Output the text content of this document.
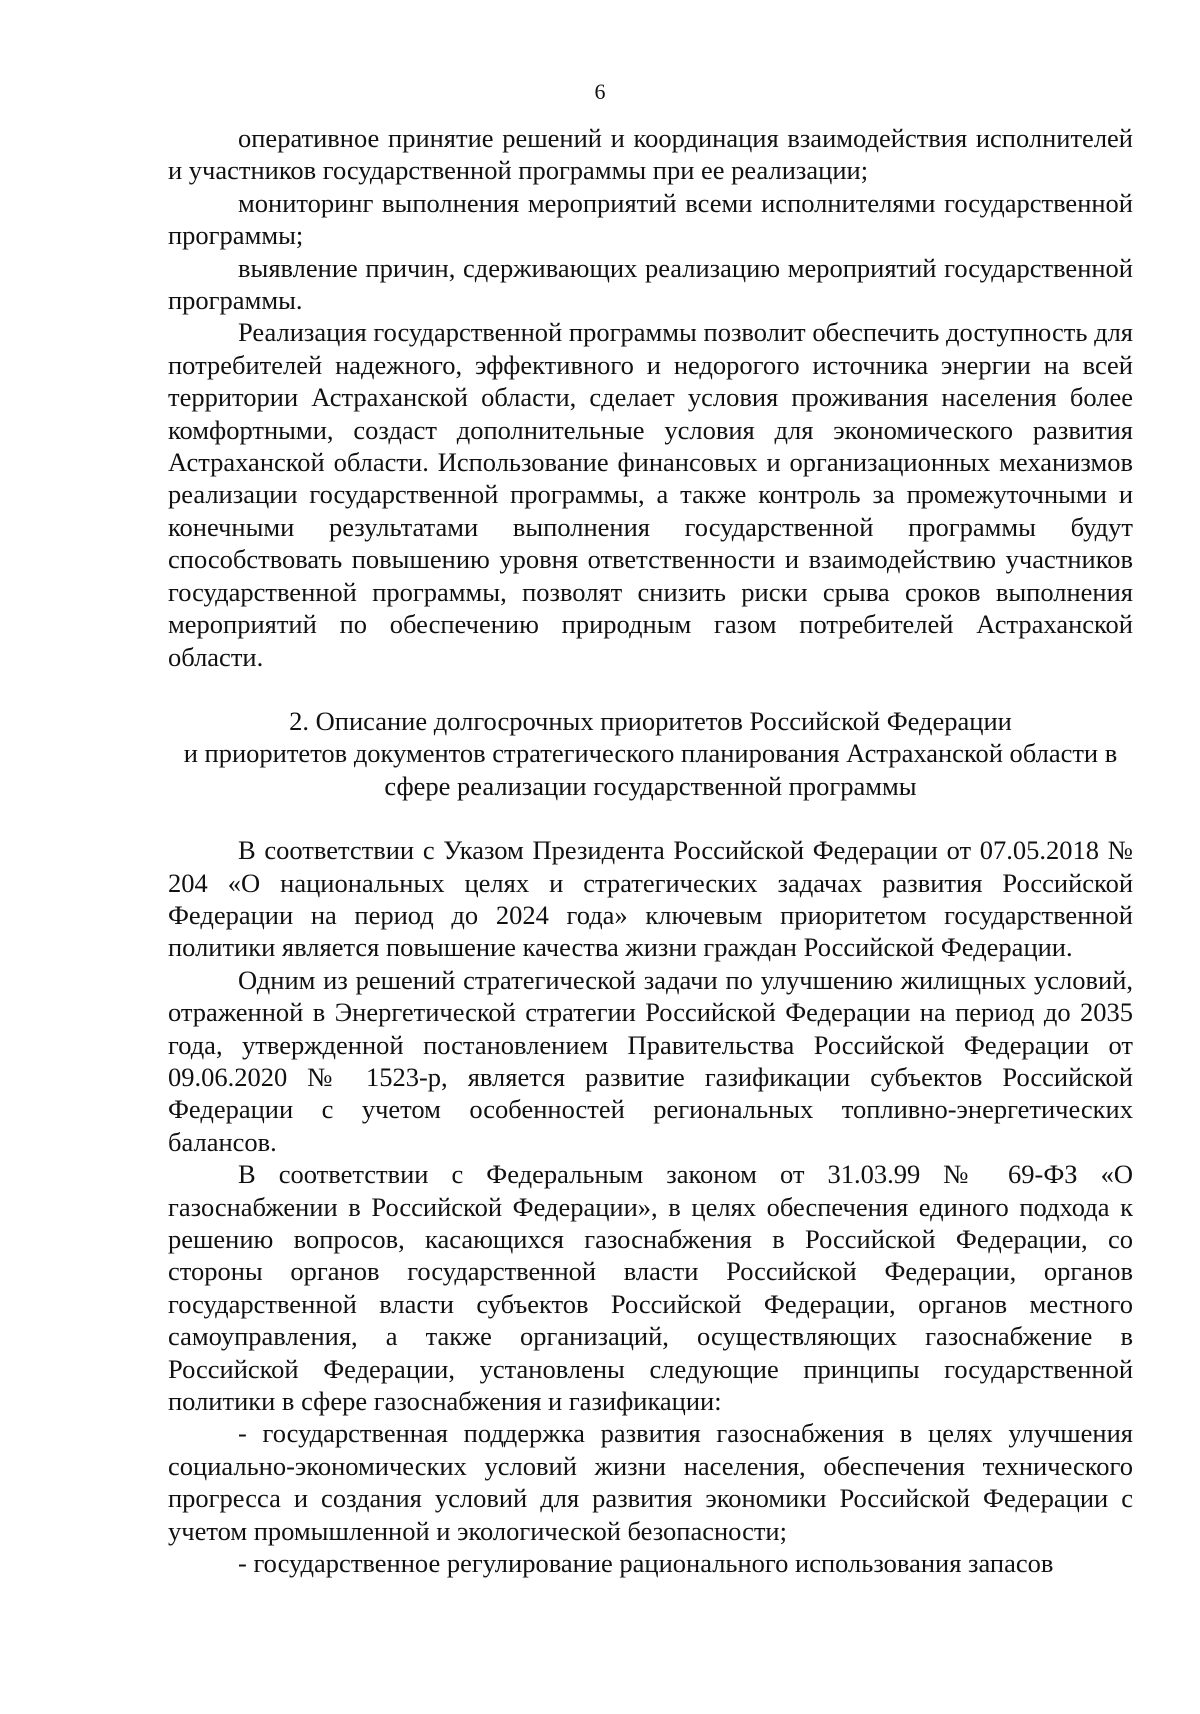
6

оперативное принятие решений и координация взаимодействия исполнителей и участников государственной программы при ее реализации;

мониторинг выполнения мероприятий всеми исполнителями государственной программы;

выявление причин, сдерживающих реализацию мероприятий государственной программы.

Реализация государственной программы позволит обеспечить доступность для потребителей надежного, эффективного и недорогого источника энергии на всей территории Астраханской области, сделает условия проживания населения более комфортными, создаст дополнительные условия для экономического развития Астраханской области. Использование финансовых и организационных механизмов реализации государственной программы, а также контроль за промежуточными и конечными результатами выполнения государственной программы будут способствовать повышению уровня ответственности и взаимодействию участников государственной программы, позволят снизить риски срыва сроков выполнения мероприятий по обеспечению природным газом потребителей Астраханской области.

2. Описание долгосрочных приоритетов Российской Федерации
и приоритетов документов стратегического планирования Астраханской области в сфере реализации государственной программы

В соответствии с Указом Президента Российской Федерации от 07.05.2018 № 204 «О национальных целях и стратегических задачах развития Российской Федерации на период до 2024 года» ключевым приоритетом государственной политики является повышение качества жизни граждан Российской Федерации.

Одним из решений стратегической задачи по улучшению жилищных условий, отраженной в Энергетической стратегии Российской Федерации на период до 2035 года, утвержденной постановлением Правительства Российской Федерации от 09.06.2020 № 1523-р, является развитие газификации субъектов Российской Федерации с учетом особенностей региональных топливно-энергетических балансов.

В соответствии с Федеральным законом от 31.03.99 № 69-ФЗ «О газоснабжении в Российской Федерации», в целях обеспечения единого подхода к решению вопросов, касающихся газоснабжения в Российской Федерации, со стороны органов государственной власти Российской Федерации, органов государственной власти субъектов Российской Федерации, органов местного самоуправления, а также организаций, осуществляющих газоснабжение в Российской Федерации, установлены следующие принципы государственной политики в сфере газоснабжения и газификации:

- государственная поддержка развития газоснабжения в целях улучшения социально-экономических условий жизни населения, обеспечения технического прогресса и создания условий для развития экономики Российской Федерации с учетом промышленной и экологической безопасности;

- государственное регулирование рационального использования запасов
